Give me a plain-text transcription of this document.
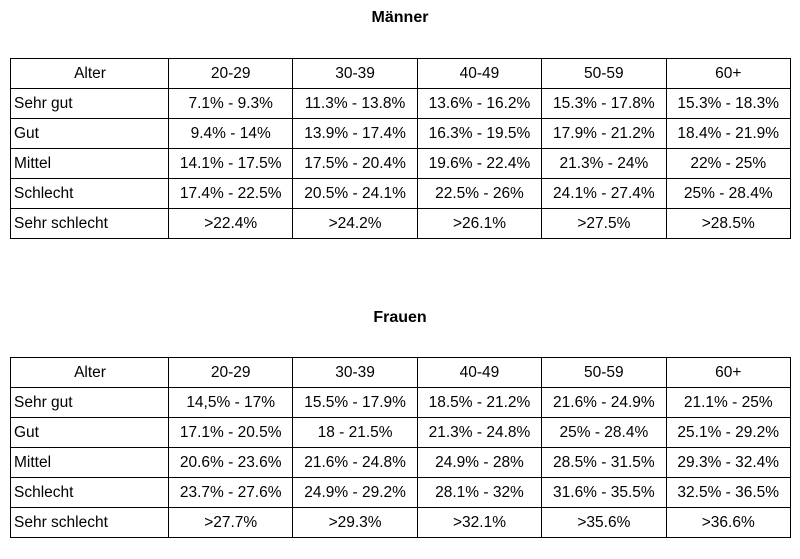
Männer
Alter	20-29	30-39	40-49	50-59	60+
Sehr gut	7.1% - 9.3%	11.3% - 13.8%	13.6% - 16.2%	15.3% - 17.8%	15.3% - 18.3%
Gut	9.4% - 14%	13.9% - 17.4%	16.3% - 19.5%	17.9% - 21.2%	18.4% - 21.9%
Mittel	14.1% - 17.5%	17.5% - 20.4%	19.6% - 22.4%	21.3% - 24%	22% - 25%
Schlecht	17.4% - 22.5%	20.5% - 24.1%	22.5% - 26%	24.1% - 27.4%	25% - 28.4%
Sehr schlecht	>22.4%	>24.2%	>26.1%	>27.5%	>28.5%
Frauen
Alter	20-29	30-39	40-49	50-59	60+
Sehr gut	14,5% - 17%	15.5% - 17.9%	18.5% - 21.2%	21.6% - 24.9%	21.1% - 25%
Gut	17.1% - 20.5%	18 - 21.5%	21.3% - 24.8%	25% - 28.4%	25.1% - 29.2%
Mittel	20.6% - 23.6%	21.6% - 24.8%	24.9% - 28%	28.5% - 31.5%	29.3% - 32.4%
Schlecht	23.7% - 27.6%	24.9% - 29.2%	28.1% - 32%	31.6% - 35.5%	32.5% - 36.5%
Sehr schlecht	>27.7%	>29.3%	>32.1%	>35.6%	>36.6%
